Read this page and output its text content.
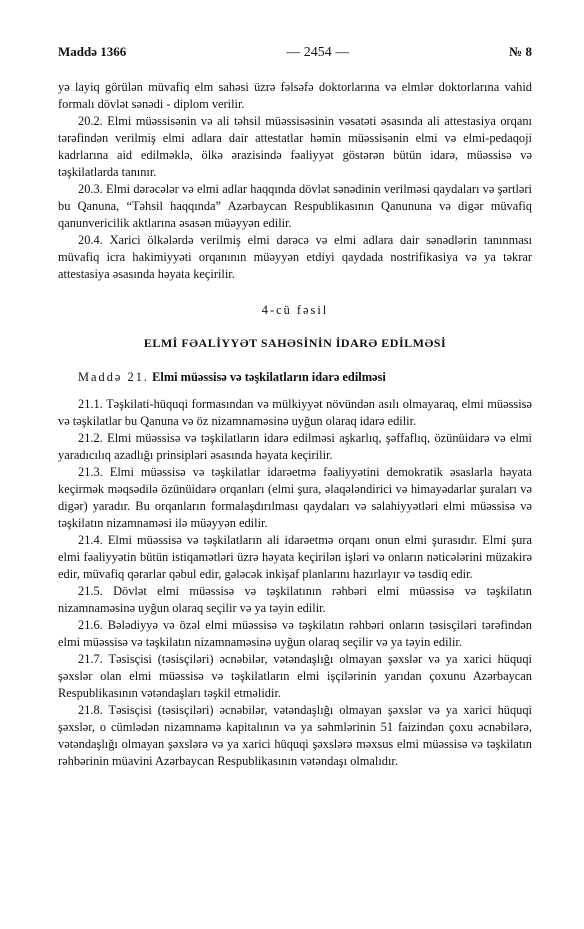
Maddə 1366	— 2454 —	№ 8

yə layiq görülən müvafiq elm sahəsi üzrə fəlsəfə doktorlarına və elmlər doktorlarına vahid formalı dövlət sənədi - diplom verilir.

20.2. Elmi müəssisənin və ali təhsil müəssisəsinin vəsatəti əsasında ali attestasiya orqanı tərəfindən verilmiş elmi adlara dair attestatlar həmin müəssisənin elmi və elmi-pedaqoji kadrlarına aid edilməklə, ölkə ərazisində fəaliyyət göstərən bütün idarə, müəssisə və təşkilatlarda tanınır.

20.3. Elmi dərəcələr və elmi adlar haqqında dövlət sənədinin verilməsi qaydaları və şərtləri bu Qanuna, “Təhsil haqqında” Azərbaycan Respublikasının Qanununa və digər müvafiq qanunvericilik aktlarına əsasən müəyyən edilir.

20.4. Xarici ölkələrdə verilmiş elmi dərəcə və elmi adlara dair sənədlərin tanınması müvafiq icra hakimiyyəti orqanının müəyyən etdiyi qaydada nostrifikasiya və ya təkrar attestasiya əsasında həyata keçirilir.

4-cü fəsil
ELMİ FƏALİYYƏT SAHƏSİNİN İDARƏ EDİLMƏSİ

Maddə 21. Elmi müəssisə və təşkilatların idarə edilməsi

21.1. Təşkilati-hüquqi formasından və mülkiyyət növündən asılı olmayaraq, elmi müəssisə və təşkilatlar bu Qanuna və öz nizamnaməsinə uyğun olaraq idarə edilir.

21.2. Elmi müəssisə və təşkilatların idarə edilməsi aşkarlıq, şəffaflıq, özünüidarə və elmi yaradıcılıq azadlığı prinsipləri əsasında həyata keçirilir.

21.3. Elmi müəssisə və təşkilatlar idarəetmə fəaliyyətini demokratik əsaslarla həyata keçirmək məqsədilə özünüidarə orqanları (elmi şura, əlaqələndirici və himayədarlar şuraları və digər) yaradır. Bu orqanların formalaşdırılması qaydaları və səlahiyyətləri elmi müəssisə və təşkilatın nizamnaməsi ilə müəyyən edilir.

21.4. Elmi müəssisə və təşkilatların ali idarəetmə orqanı onun elmi şurasıdır. Elmi şura elmi fəaliyyətin bütün istiqamətləri üzrə həyata keçirilən işləri və onların nəticələrini müzakirə edir, müvafiq qərarlar qəbul edir, gələcək inkişaf planlarını hazırlayır və təsdiq edir.

21.5. Dövlət elmi müəssisə və təşkilatının rəhbəri elmi müəssisə və təşkilatın nizamnaməsinə uyğun olaraq seçilir və ya təyin edilir.

21.6. Bələdiyyə və özəl elmi müəssisə və təşkilatın rəhbəri onların təsisçiləri tərəfindən elmi müəssisə və təşkilatın nizamnaməsinə uyğun olaraq seçilir və ya təyin edilir.

21.7. Təsisçisi (təsisçiləri) əcnəbilər, vətəndaşlığı olmayan şəxslər və ya xarici hüquqi şəxslər olan elmi müəssisə və təşkilatların elmi işçilərinin yarıdan çoxunu Azərbaycan Respublikasının vətəndaşları təşkil etməlidir.

21.8. Təsisçisi (təsisçiləri) əcnəbilər, vətəndaşlığı olmayan şəxslər və ya xarici hüquqi şəxslər, o cümlədən nizamnamə kapitalının və ya səhmlərinin 51 faizindən çoxu əcnəbilərə, vətəndaşlığı olmayan şəxslərə və ya xarici hüquqi şəxslərə məxsus elmi müəssisə və təşkilatın rəhbərinin müavini Azərbaycan Respublikasının vətəndaşı olmalıdır.
